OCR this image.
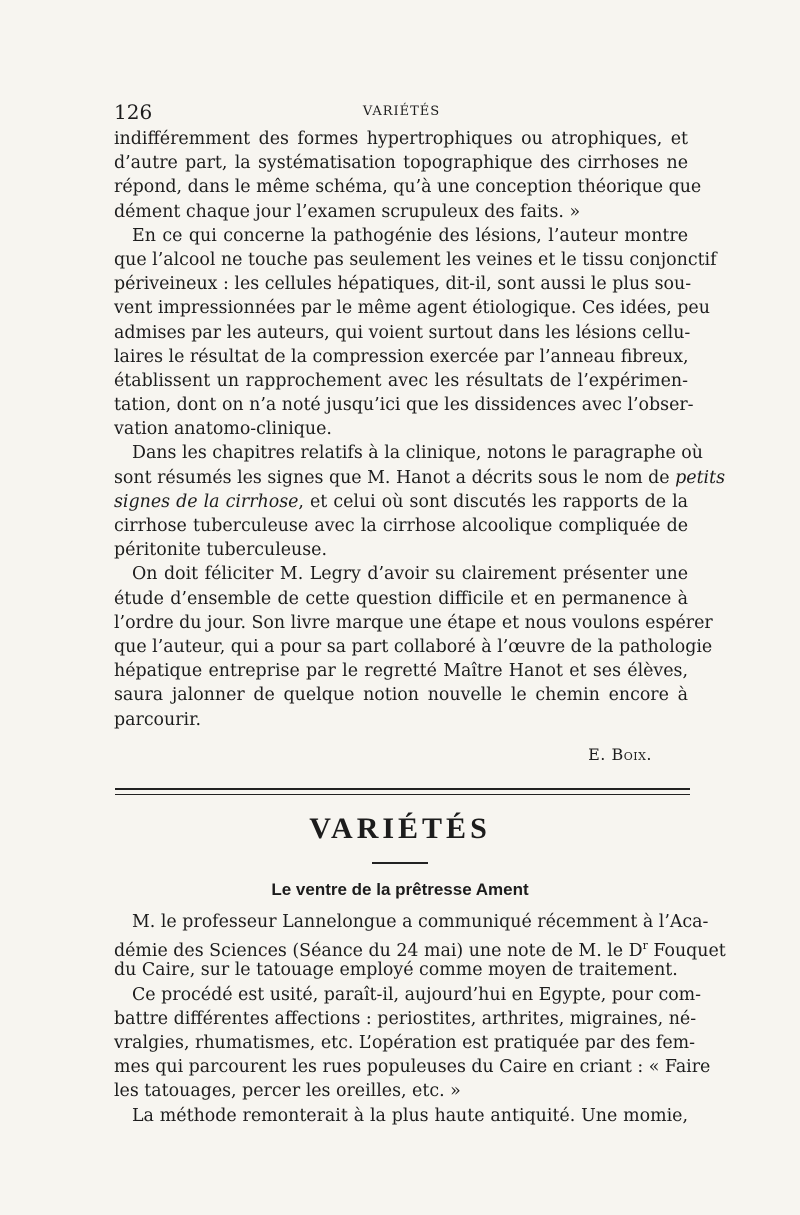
126	VARIÉTÉS
indifféremment des formes hypertrophiques ou atrophiques, et
d’autre part, la systématisation topographique des cirrhoses ne
répond, dans le même schéma, qu’à une conception théorique que
dément chaque jour l’examen scrupuleux des faits. »
En ce qui concerne la pathogénie des lésions, l’auteur montre
que l’alcool ne touche pas seulement les veines et le tissu conjonctif
périveineux : les cellules hépatiques, dit-il, sont aussi le plus sou-
vent impressionnées par le même agent étiologique. Ces idées, peu
admises par les auteurs, qui voient surtout dans les lésions cellu-
laires le résultat de la compression exercée par l’anneau fibreux,
établissent un rapprochement avec les résultats de l’expérimen-
tation, dont on n’a noté jusqu’ici que les dissidences avec l’obser-
vation anatomo-clinique.
Dans les chapitres relatifs à la clinique, notons le paragraphe où
sont résumés les signes que M. Hanot a décrits sous le nom de petits
signes de la cirrhose, et celui où sont discutés les rapports de la
cirrhose tuberculeuse avec la cirrhose alcoolique compliquée de
péritonite tuberculeuse.
On doit féliciter M. Legry d’avoir su clairement présenter une
étude d’ensemble de cette question difficile et en permanence à
l’ordre du jour. Son livre marque une étape et nous voulons espérer
que l’auteur, qui a pour sa part collaboré à l’œuvre de la pathologie
hépatique entreprise par le regretté Maître Hanot et ses élèves,
saura jalonner de quelque notion nouvelle le chemin encore à
parcourir.
E. Boix.
VARIÉTÉS
Le ventre de la prêtresse Ament
M. le professeur Lannelongue a communiqué récemment à l’Aca-
démie des Sciences (Séance du 24 mai) une note de M. le $D^r$ Fouquet
du Caire, sur le tatouage employé comme moyen de traitement.
Ce procédé est usité, paraît-il, aujourd’hui en Egypte, pour com-
battre différentes affections : periostites, arthrites, migraines, né-
vralgies, rhumatismes, etc. L’opération est pratiquée par des fem-
mes qui parcourent les rues populeuses du Caire en criant : « Faire
les tatouages, percer les oreilles, etc. »
La méthode remonterait à la plus haute antiquité. Une momie,
